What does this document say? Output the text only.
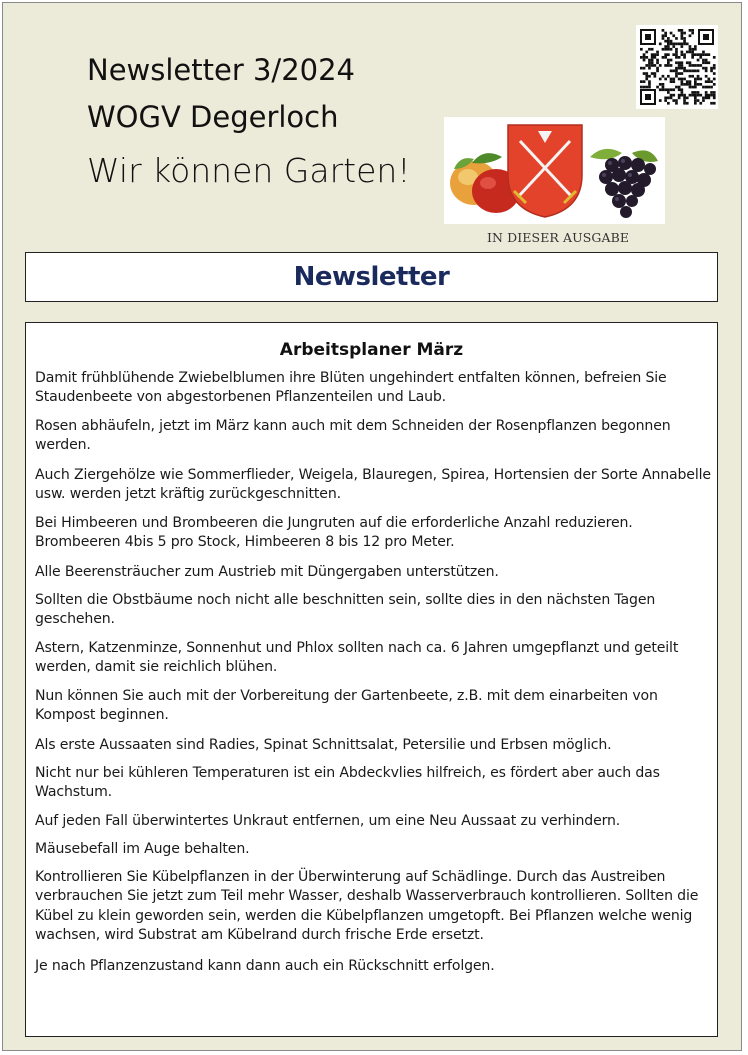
Newsletter 3/2024
WOGV Degerloch
Wir können Garten!
IN DIESER AUSGABE
Newsletter
Arbeitsplaner März
Damit frühblühende Zwiebelblumen ihre Blüten ungehindert entfalten können, befreien Sie Staudenbeete von abgestorbenen Pflanzenteilen und Laub.
Rosen abhäufeln, jetzt im März kann auch mit dem Schneiden der Rosenpflanzen begonnen werden.
Auch Ziergehölze wie Sommerflieder, Weigela, Blauregen, Spirea, Hortensien der Sorte Annabelle usw. werden jetzt kräftig zurückgeschnitten.
Bei Himbeeren und Brombeeren die Jungruten auf die erforderliche Anzahl reduzieren. Brombeeren 4bis 5 pro Stock, Himbeeren 8 bis 12 pro Meter.
Alle Beerensträucher zum Austrieb mit Düngergaben unterstützen.
Sollten die Obstbäume noch nicht alle beschnitten sein, sollte dies in den nächsten Tagen geschehen.
Astern, Katzenminze, Sonnenhut und Phlox sollten nach ca. 6 Jahren umgepflanzt und geteilt werden, damit sie reichlich blühen.
Nun können Sie auch mit der Vorbereitung der Gartenbeete, z.B. mit dem einarbeiten von Kompost beginnen.
Als erste Aussaaten sind Radies, Spinat Schnittsalat, Petersilie und Erbsen möglich.
Nicht nur bei kühleren Temperaturen ist ein Abdeckvlies hilfreich, es fördert aber auch das Wachstum.
Auf jeden Fall überwintertes Unkraut entfernen, um eine Neu Aussaat zu verhindern.
Mäusebefall im Auge behalten.
Kontrollieren Sie Kübelpflanzen in der Überwinterung auf Schädlinge. Durch das Austreiben verbrauchen Sie jetzt zum Teil mehr Wasser, deshalb Wasserverbrauch kontrollieren. Sollten die Kübel zu klein geworden sein, werden die Kübelpflanzen umgetopft. Bei Pflanzen welche wenig wachsen, wird Substrat am Kübelrand durch frische Erde ersetzt.
Je nach Pflanzenzustand kann dann auch ein Rückschnitt erfolgen.
